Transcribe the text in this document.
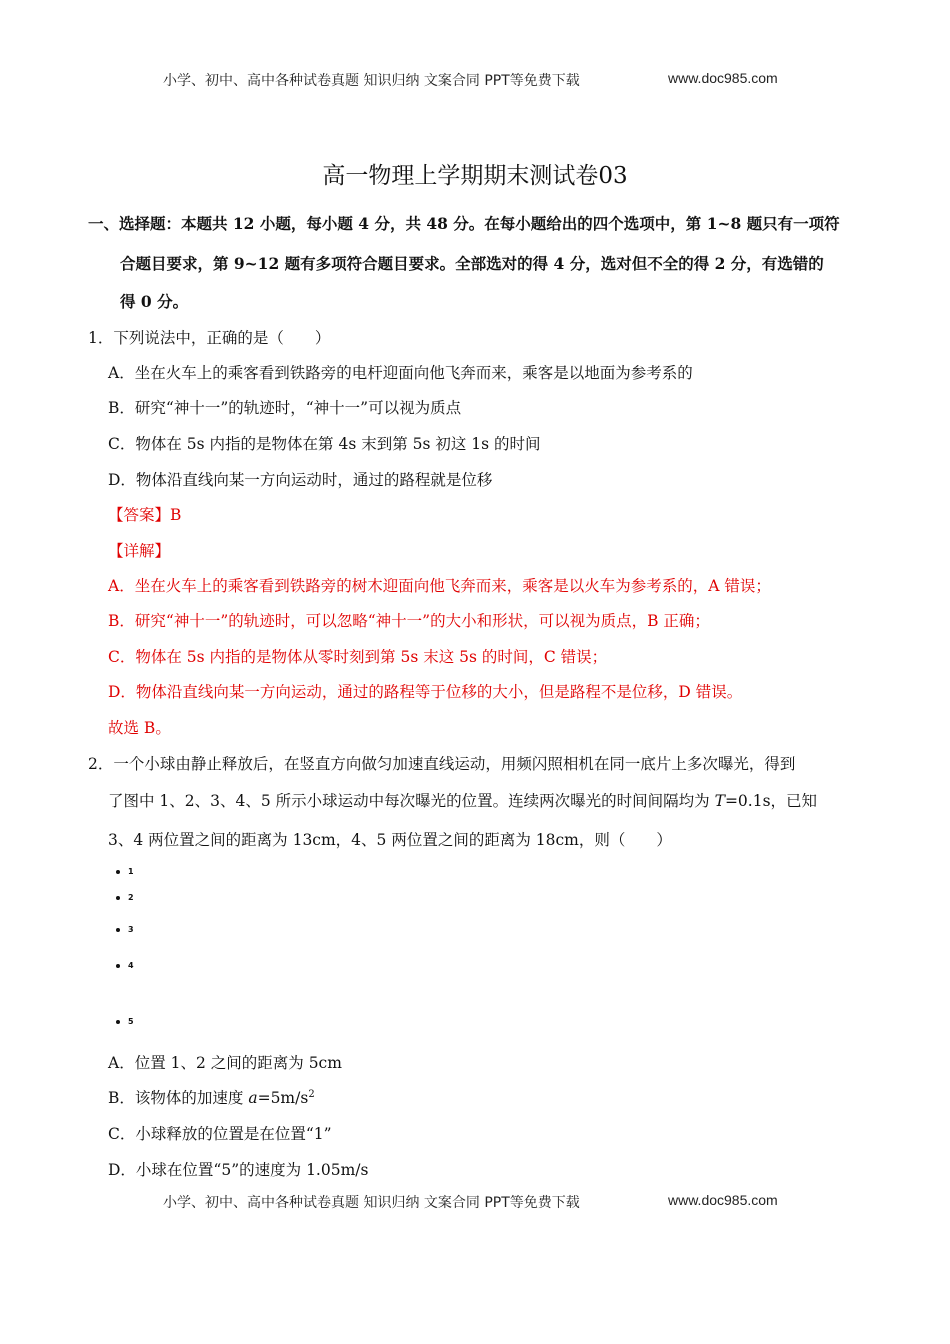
小学、初中、高中各种试卷真题 知识归纳 文案合同 PPT等免费下载	www.doc985.com
高一物理上学期期末测试卷03
一、选择题：本题共 12 小题，每小题 4 分，共 48 分。在每小题给出的四个选项中，第 1~8 题只有一项符
合题目要求，第 9~12 题有多项符合题目要求。全部选对的得 4 分，选对但不全的得 2 分，有选错的
得 0 分。
1．下列说法中，正确的是（　　）
A．坐在火车上的乘客看到铁路旁的电杆迎面向他飞奔而来，乘客是以地面为参考系的
B．研究“神十一”的轨迹时，“神十一”可以视为质点
C．物体在 5s 内指的是物体在第 4s 末到第 5s 初这 1s 的时间
D．物体沿直线向某一方向运动时，通过的路程就是位移
【答案】B
【详解】
A．坐在火车上的乘客看到铁路旁的树木迎面向他飞奔而来，乘客是以火车为参考系的，A 错误；
B．研究“神十一”的轨迹时，可以忽略“神十一”的大小和形状，可以视为质点，B 正确；
C．物体在 5s 内指的是物体从零时刻到第 5s 末这 5s 的时间，C 错误；
D．物体沿直线向某一方向运动，通过的路程等于位移的大小，但是路程不是位移，D 错误。
故选 B。
2．一个小球由静止释放后，在竖直方向做匀加速直线运动，用频闪照相机在同一底片上多次曝光，得到
了图中 1、2、3、4、5 所示小球运动中每次曝光的位置。连续两次曝光的时间间隔均为 T=0.1s，已知
3、4 两位置之间的距离为 13cm，4、5 两位置之间的距离为 18cm，则（　　）
1
2
3
4
5
A．位置 1、2 之间的距离为 5cm
B．该物体的加速度 $a=5m/s^2$
C．小球释放的位置是在位置“1”
D．小球在位置“5”的速度为 1.05m/s
小学、初中、高中各种试卷真题 知识归纳 文案合同 PPT等免费下载	www.doc985.com
